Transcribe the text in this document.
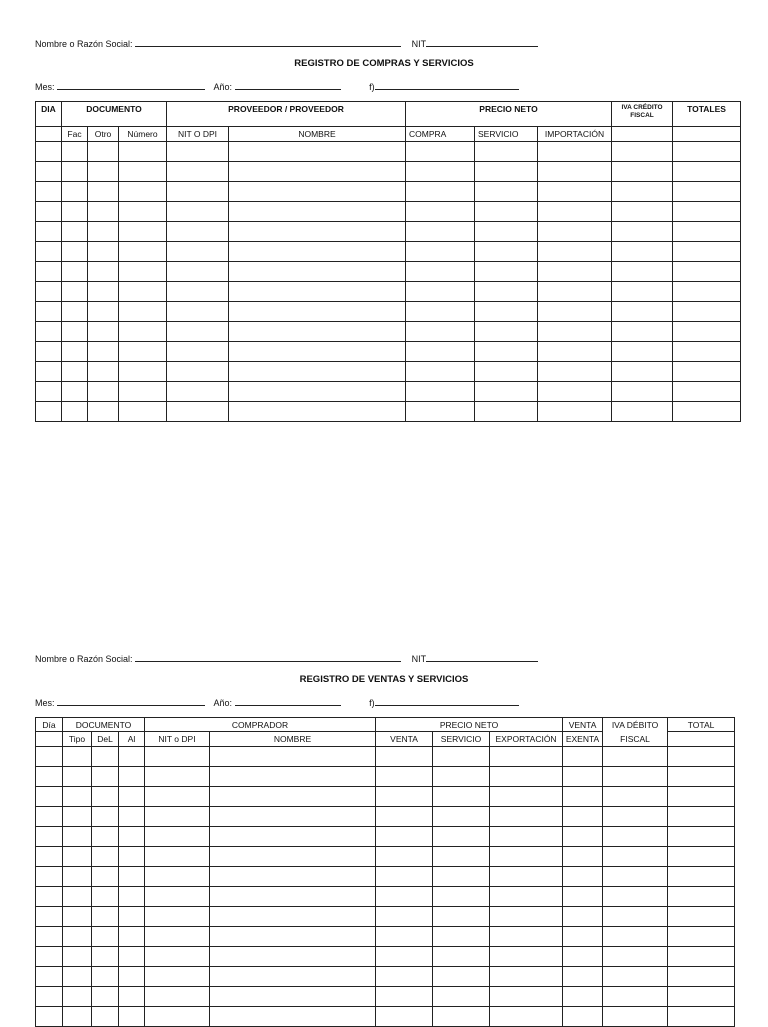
Nombre o Razón Social:	NIT
REGISTRO DE COMPRAS Y SERVICIOS
Mes:	Año:	f)
DIA	DOCUMENTO			PROVEEDOR / PROVEEDOR		PRECIO NETO			IVA CRÉDITO
FISCAL	TOTALES
	Fac	Otro	Número	NIT O DPI	NOMBRE	COMPRA	SERVICIO	IMPORTACIÓN		

Nombre o Razón Social:	NIT
REGISTRO DE VENTAS Y SERVICIOS
Mes:	Año:	f)
Día	DOCUMENTO			COMPRADOR		PRECIO NETO			VENTA	IVA DÉBITO	TOTAL
	Tipo	DeL	Al	NIT o DPI	NOMBRE	VENTA	SERVICIO	EXPORTACIÓN	EXENTA	FISCAL	
